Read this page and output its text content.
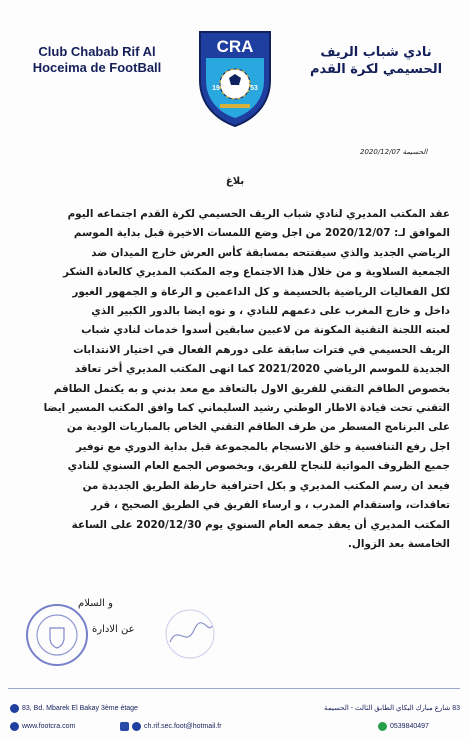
Club Chabab Rif Al Hoceima de FootBall
CRA
19	53
نادي شباب الريف الحسيمي لكرة القدم
الحسيمة 2020/12/07
بلاغ
عقد المكتب المديري لنادي شباب الريف الحسيمي لكرة القدم اجتماعه اليوم
الموافق لـ: 2020/12/07 من اجل وضع اللمسات الاخيرة قبل بداية الموسم
الرياضي الجديد والذي سيفتتحه بمسابقة كأس العرش خارج الميدان ضد
الجمعية السلاوية و من خلال هذا الاجتماع وجه المكتب المديري كالعادة الشكر
لكل الفعاليات الرياضية بالحسيمة و كل الداعمين و الرعاة و الجمهور الغيور
داخل و خارج المغرب على دعمهم للنادي ، و نوه ايضا بالدور الكبير الذي
لعبته اللجنة التقنية المكونة من لاعبين سابقين أسدوا خدمات لنادي شباب
الريف الحسيمي في فترات سابقة على دورهم الفعال في اختيار الانتدابات
الجديدة للموسم الرياضي 2021/2020 كما انهى المكتب المديري أخر تعاقد
بخصوص الطاقم التقني للفريق الاول بالتعاقد مع معد بدني و به يكتمل الطاقم
التقني تحت قيادة الاطار الوطني رشيد السليماني كما وافق المكتب المسير ايضا
على البرنامج المسطر من طرف الطاقم التقني الخاص بالمباريات الودية من
اجل رفع التنافسية و خلق الانسجام بالمجموعة قبل بداية الدوري مع توفير
جميع الظروف المواتية للنجاح للفريق، وبخصوص الجمع العام السنوي للنادي
فيعد ان رسم المكتب المديري و بكل احترافية خارطة الطريق الجديدة من
تعاقدات، واستقدام المدرب ، و ارساء الفريق في الطريق الصحيح ، قرر
المكتب المديري أن يعقد جمعه العام السنوي يوم 2020/12/30 على الساعة
الخامسة بعد الزوال.
و السلام
عن الادارة
83, Bd. Mbarek El Bakay 3ème étage	83 شارع مبارك البكاي الطابق الثالث - الحسيمة
www.footcra.com	ch.rif.sec.foot@hotmail.fr	0539840497
